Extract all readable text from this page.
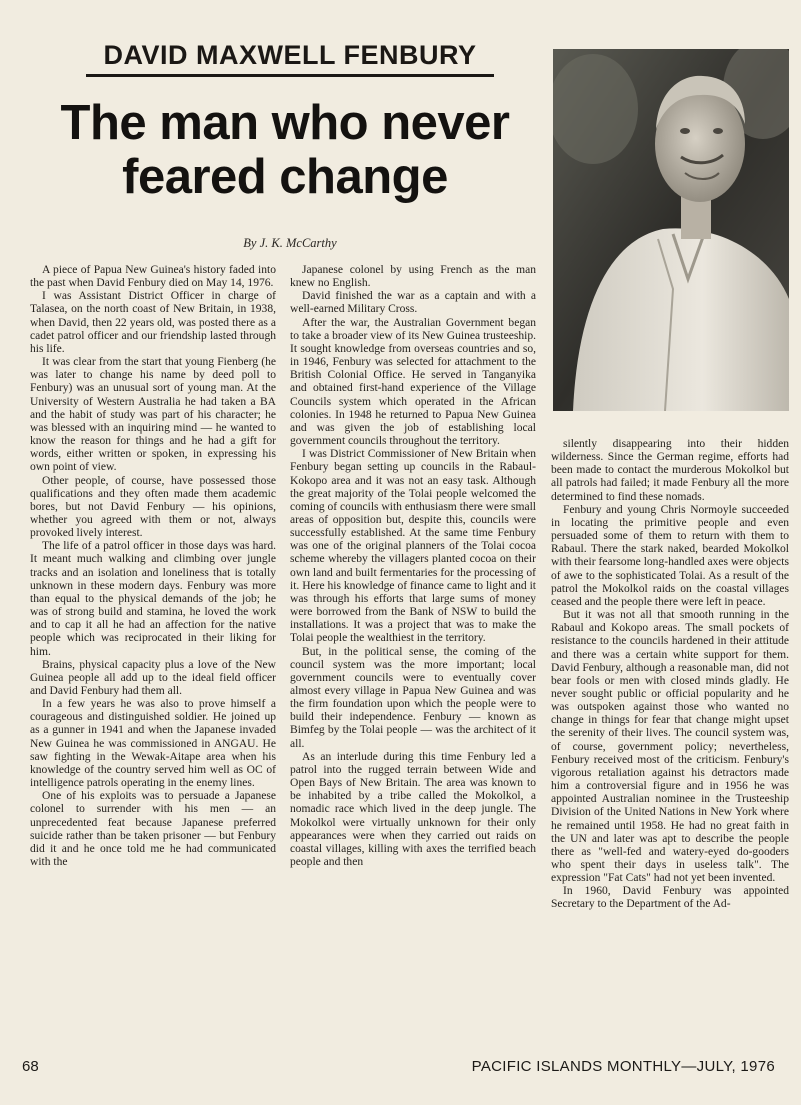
DAVID MAXWELL FENBURY
The man who never
feared change
By J. K. McCarthy

A piece of Papua New Guinea's history faded into the past when David Fenbury died on May 14, 1976.

I was Assistant District Officer in charge of Talasea, on the north coast of New Britain, in 1938, when David, then 22 years old, was posted there as a cadet patrol officer and our friendship lasted through his life.

It was clear from the start that young Fienberg (he was later to change his name by deed poll to Fenbury) was an unusual sort of young man. At the University of Western Australia he had taken a BA and the habit of study was part of his character; he was blessed with an inquiring mind — he wanted to know the reason for things and he had a gift for words, either written or spoken, in expressing his own point of view.

Other people, of course, have possessed those qualifications and they often made them academic bores, but not David Fenbury — his opinions, whether you agreed with them or not, always provoked lively interest.

The life of a patrol officer in those days was hard. It meant much walking and climbing over jungle tracks and an isolation and loneliness that is totally unknown in these modern days. Fenbury was more than equal to the physical demands of the job; he was of strong build and stamina, he loved the work and to cap it all he had an affection for the native people which was reciprocated in their liking for him.

Brains, physical capacity plus a love of the New Guinea people all add up to the ideal field officer and David Fenbury had them all.

In a few years he was also to prove himself a courageous and distinguished soldier. He joined up as a gunner in 1941 and when the Japanese invaded New Guinea he was commissioned in ANGAU. He saw fighting in the Wewak-Aitape area when his knowledge of the country served him well as OC of intelligence patrols operating in the enemy lines.

One of his exploits was to persuade a Japanese colonel to surrender with his men — an unprecedented feat because Japanese preferred suicide rather than be taken prisoner — but Fenbury did it and he once told me he had communicated with the

Japanese colonel by using French as the man knew no English.

David finished the war as a captain and with a well-earned Military Cross.

After the war, the Australian Government began to take a broader view of its New Guinea trusteeship. It sought knowledge from overseas countries and so, in 1946, Fenbury was selected for attachment to the British Colonial Office. He served in Tanganyika and obtained first-hand experience of the Village Councils system which operated in the African colonies. In 1948 he returned to Papua New Guinea and was given the job of establishing local government councils throughout the territory.

I was District Commissioner of New Britain when Fenbury began setting up councils in the Rabaul-Kokopo area and it was not an easy task. Although the great majority of the Tolai people welcomed the coming of councils with enthusiasm there were small areas of opposition but, despite this, councils were successfully established. At the same time Fenbury was one of the original planners of the Tolai cocoa scheme whereby the villagers planted cocoa on their own land and built fermentaries for the processing of it. Here his knowledge of finance came to light and it was through his efforts that large sums of money were borrowed from the Bank of NSW to build the installations. It was a project that was to make the Tolai people the wealthiest in the territory.

But, in the political sense, the coming of the council system was the more important; local government councils were to eventually cover almost every village in Papua New Guinea and was the firm foundation upon which the people were to build their independence. Fenbury — known as Bimfeg by the Tolai people — was the architect of it all.

As an interlude during this time Fenbury led a patrol into the rugged terrain between Wide and Open Bays of New Britain. The area was known to be inhabited by a tribe called the Mokolkol, a nomadic race which lived in the deep jungle. The Mokolkol were virtually unknown for their only appearances were when they carried out raids on coastal villages, killing with axes the terrified beach people and then

silently disappearing into their hidden wilderness. Since the German regime, efforts had been made to contact the murderous Mokolkol but all patrols had failed; it made Fenbury all the more determined to find these nomads.

Fenbury and young Chris Normoyle succeeded in locating the primitive people and even persuaded some of them to return with them to Rabaul. There the stark naked, bearded Mokolkol with their fearsome long-handled axes were objects of awe to the sophisticated Tolai. As a result of the patrol the Mokolkol raids on the coastal villages ceased and the people there were left in peace.

But it was not all that smooth running in the Rabaul and Kokopo areas. The small pockets of resistance to the councils hardened in their attitude and there was a certain white support for them. David Fenbury, although a reasonable man, did not bear fools or men with closed minds gladly. He never sought public or official popularity and he was outspoken against those who wanted no change in things for fear that change might upset the serenity of their lives. The council system was, of course, government policy; nevertheless, Fenbury received most of the criticism. Fenbury's vigorous retaliation against his detractors made him a controversial figure and in 1956 he was appointed Australian nominee in the Trusteeship Division of the United Nations in New York where he remained until 1958. He had no great faith in the UN and later was apt to describe the people there as "well-fed and watery-eyed do-gooders who spent their days in useless talk". The expression "Fat Cats" had not yet been invented.

In 1960, David Fenbury was appointed Secretary to the Department of the Ad-

68	PACIFIC ISLANDS MONTHLY—JULY, 1976
